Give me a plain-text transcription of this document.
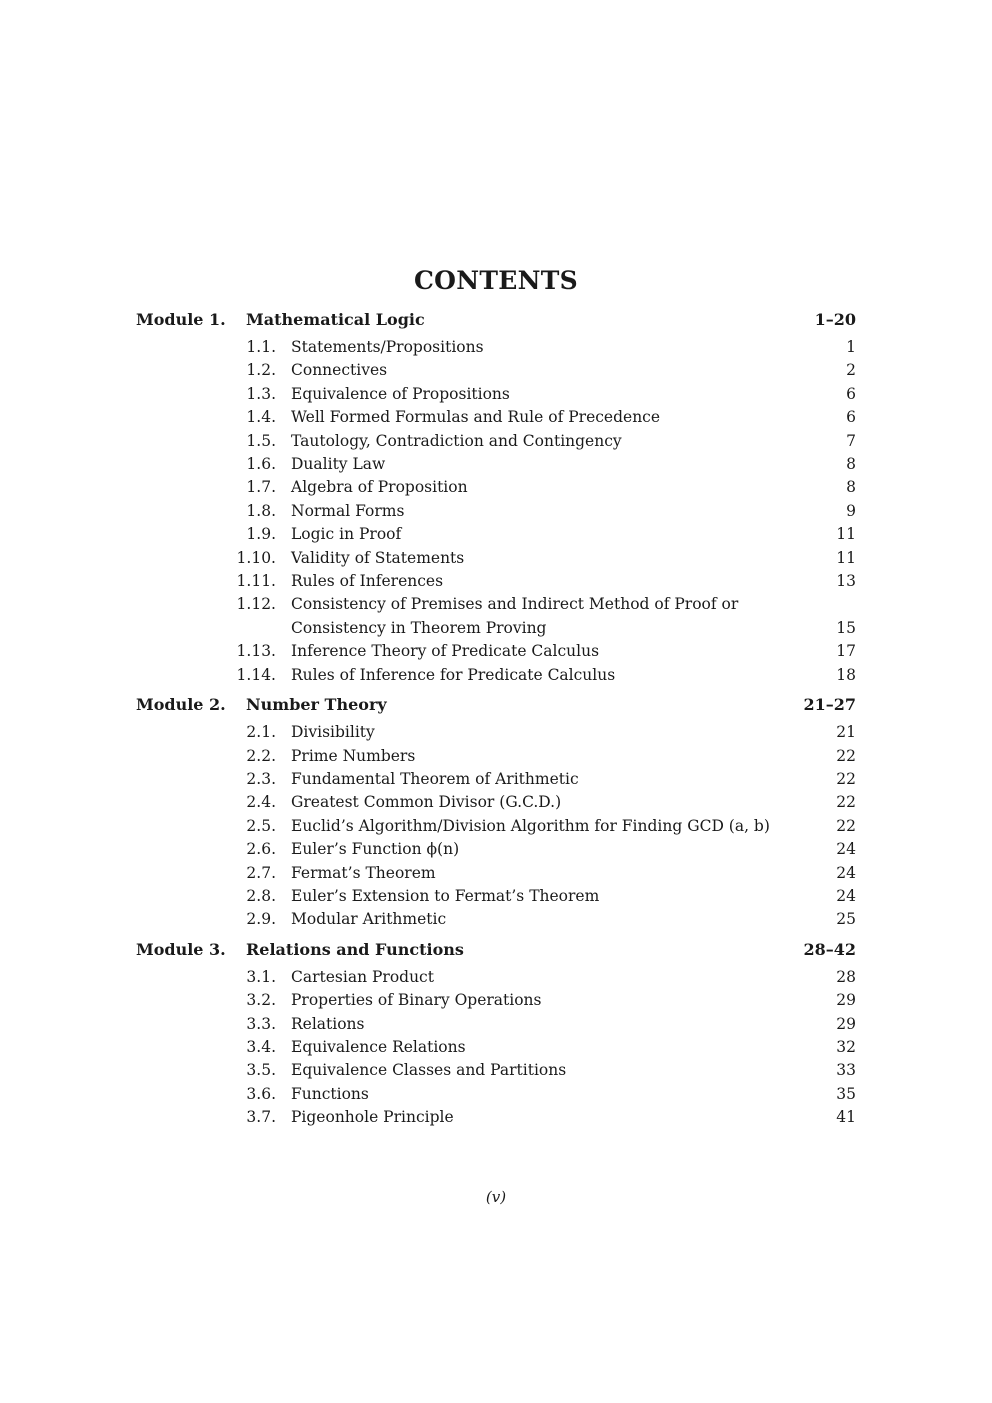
CONTENTS
Module 1.	Mathematical Logic	1–20
1.1. Statements/Propositions	1
1.2. Connectives	2
1.3. Equivalence of Propositions	6
1.4. Well Formed Formulas and Rule of Precedence	6
1.5. Tautology, Contradiction and Contingency	7
1.6. Duality Law	8
1.7. Algebra of Proposition	8
1.8. Normal Forms	9
1.9. Logic in Proof	11
1.10. Validity of Statements	11
1.11. Rules of Inferences	13
1.12. Consistency of Premises and Indirect Method of Proof or
Consistency in Theorem Proving	15
1.13. Inference Theory of Predicate Calculus	17
1.14. Rules of Inference for Predicate Calculus	18
Module 2.	Number Theory	21–27
2.1. Divisibility	21
2.2. Prime Numbers	22
2.3. Fundamental Theorem of Arithmetic	22
2.4. Greatest Common Divisor (G.C.D.)	22
2.5. Euclid’s Algorithm/Division Algorithm for Finding GCD (a, b)	22
2.6. Euler’s Function ϕ(n)	24
2.7. Fermat’s Theorem	24
2.8. Euler’s Extension to Fermat’s Theorem	24
2.9. Modular Arithmetic	25
Module 3.	Relations and Functions	28–42
3.1. Cartesian Product	28
3.2. Properties of Binary Operations	29
3.3. Relations	29
3.4. Equivalence Relations	32
3.5. Equivalence Classes and Partitions	33
3.6. Functions	35
3.7. Pigeonhole Principle	41
(v)
